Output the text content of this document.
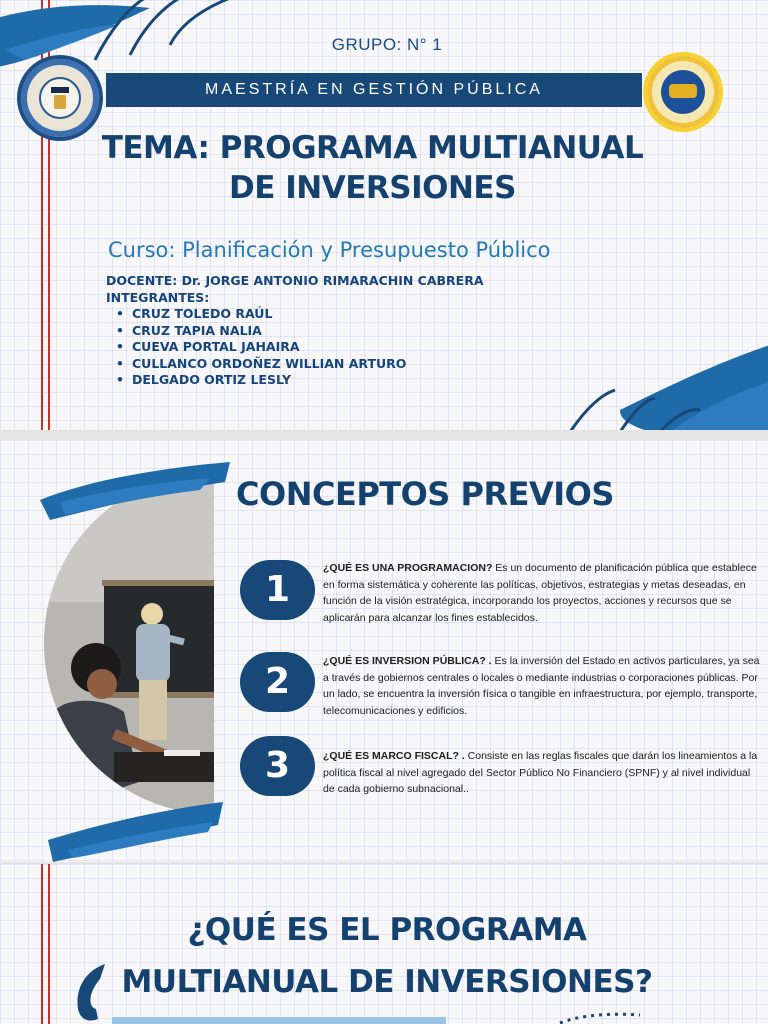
GRUPO: N° 1
MAESTRÍA EN GESTIÓN PÚBLICA
TEMA: PROGRAMA MULTIANUAL
DE INVERSIONES
Curso: Planificación y Presupuesto Público
DOCENTE: Dr. JORGE ANTONIO RIMARACHIN CABRERA
INTEGRANTES:
• CRUZ TOLEDO RAÚL
• CRUZ TAPIA NALIA
• CUEVA PORTAL JAHAIRA
• CULLANCO ORDOÑEZ WILLIAN ARTURO
• DELGADO ORTIZ LESLY
CONCEPTOS PREVIOS
1
¿QUÉ ES UNA PROGRAMACION? Es un documento de planificación pública que establece en forma sistemática y coherente las políticas, objetivos, estrategias y metas deseadas, en función de la visión estratégica, incorporando los proyectos, acciones y recursos que se aplicarán para alcanzar los fines establecidos.
2	¿QUÉ ES INVERSION PÚBLICA? . Es la inversión del Estado en activos particulares, ya sea a través de gobiernos centrales o locales o mediante industrias o corporaciones públicas. Por un lado, se encuentra la inversión física o tangible en infraestructura, por ejemplo, transporte, telecomunicaciones y edificios.
3	¿QUÉ ES MARCO FISCAL? . Consiste en las reglas fiscales que darán los lineamientos a la política fiscal al nivel agregado del Sector Público No Financiero (SPNF) y al nivel individual de cada gobierno subnacional..
¿QUÉ ES EL PROGRAMA
MULTIANUAL DE INVERSIONES?
